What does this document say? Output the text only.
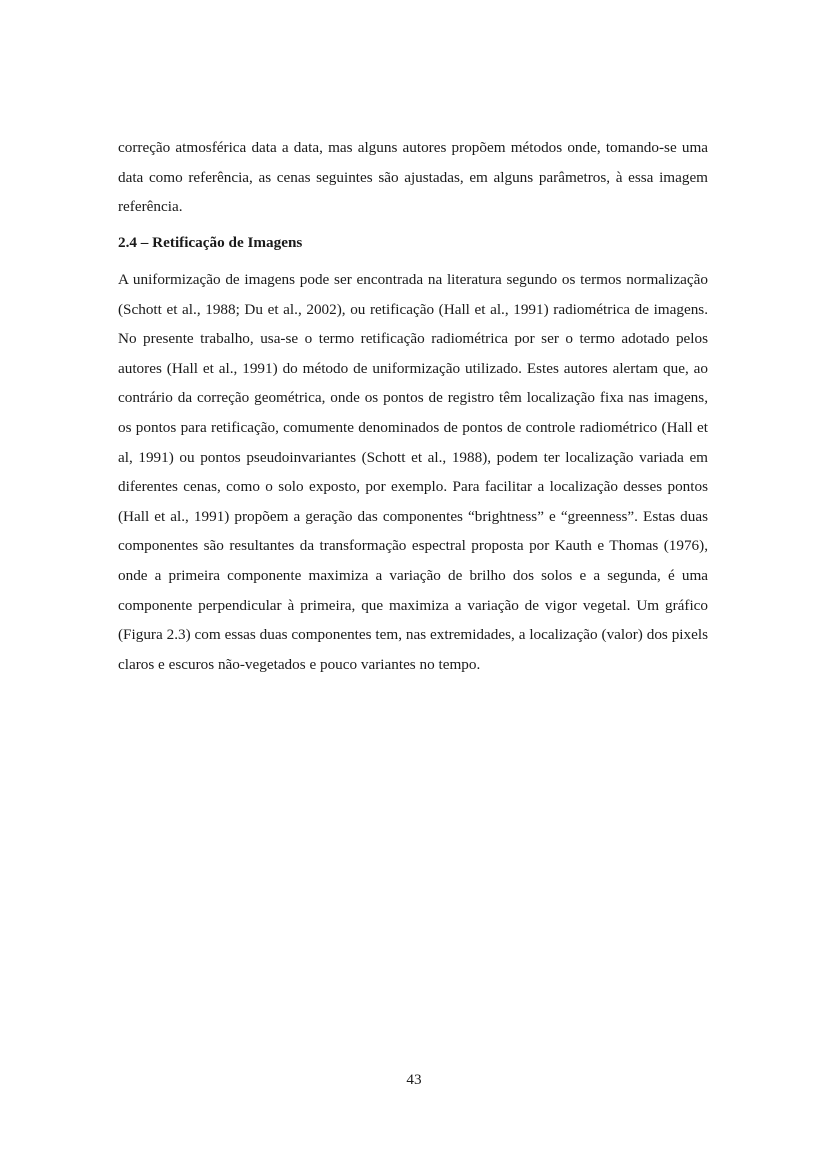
correção atmosférica data a data, mas alguns autores propõem métodos onde, tomando-se uma data como referência, as cenas seguintes são ajustadas, em alguns parâmetros, à essa imagem referência.

2.4 – Retificação de Imagens

A uniformização de imagens pode ser encontrada na literatura segundo os termos normalização (Schott et al., 1988; Du et al., 2002), ou retificação (Hall et al., 1991) radiométrica de imagens. No presente trabalho, usa-se o termo retificação radiométrica por ser o termo adotado pelos autores (Hall et al., 1991) do método de uniformização utilizado. Estes autores alertam que, ao contrário da correção geométrica, onde os pontos de registro têm localização fixa nas imagens, os pontos para retificação, comumente denominados de pontos de controle radiométrico (Hall et al, 1991) ou pontos pseudoinvariantes (Schott et al., 1988), podem ter localização variada em diferentes cenas, como o solo exposto, por exemplo. Para facilitar a localização desses pontos (Hall et al., 1991) propõem a geração das componentes “brightness” e “greenness”. Estas duas componentes são resultantes da transformação espectral proposta por Kauth e Thomas (1976), onde a primeira componente maximiza a variação de brilho dos solos e a segunda, é uma componente perpendicular à primeira, que maximiza a variação de vigor vegetal. Um gráfico (Figura 2.3) com essas duas componentes tem, nas extremidades, a localização (valor) dos pixels claros e escuros não-vegetados e pouco variantes no tempo.

43
